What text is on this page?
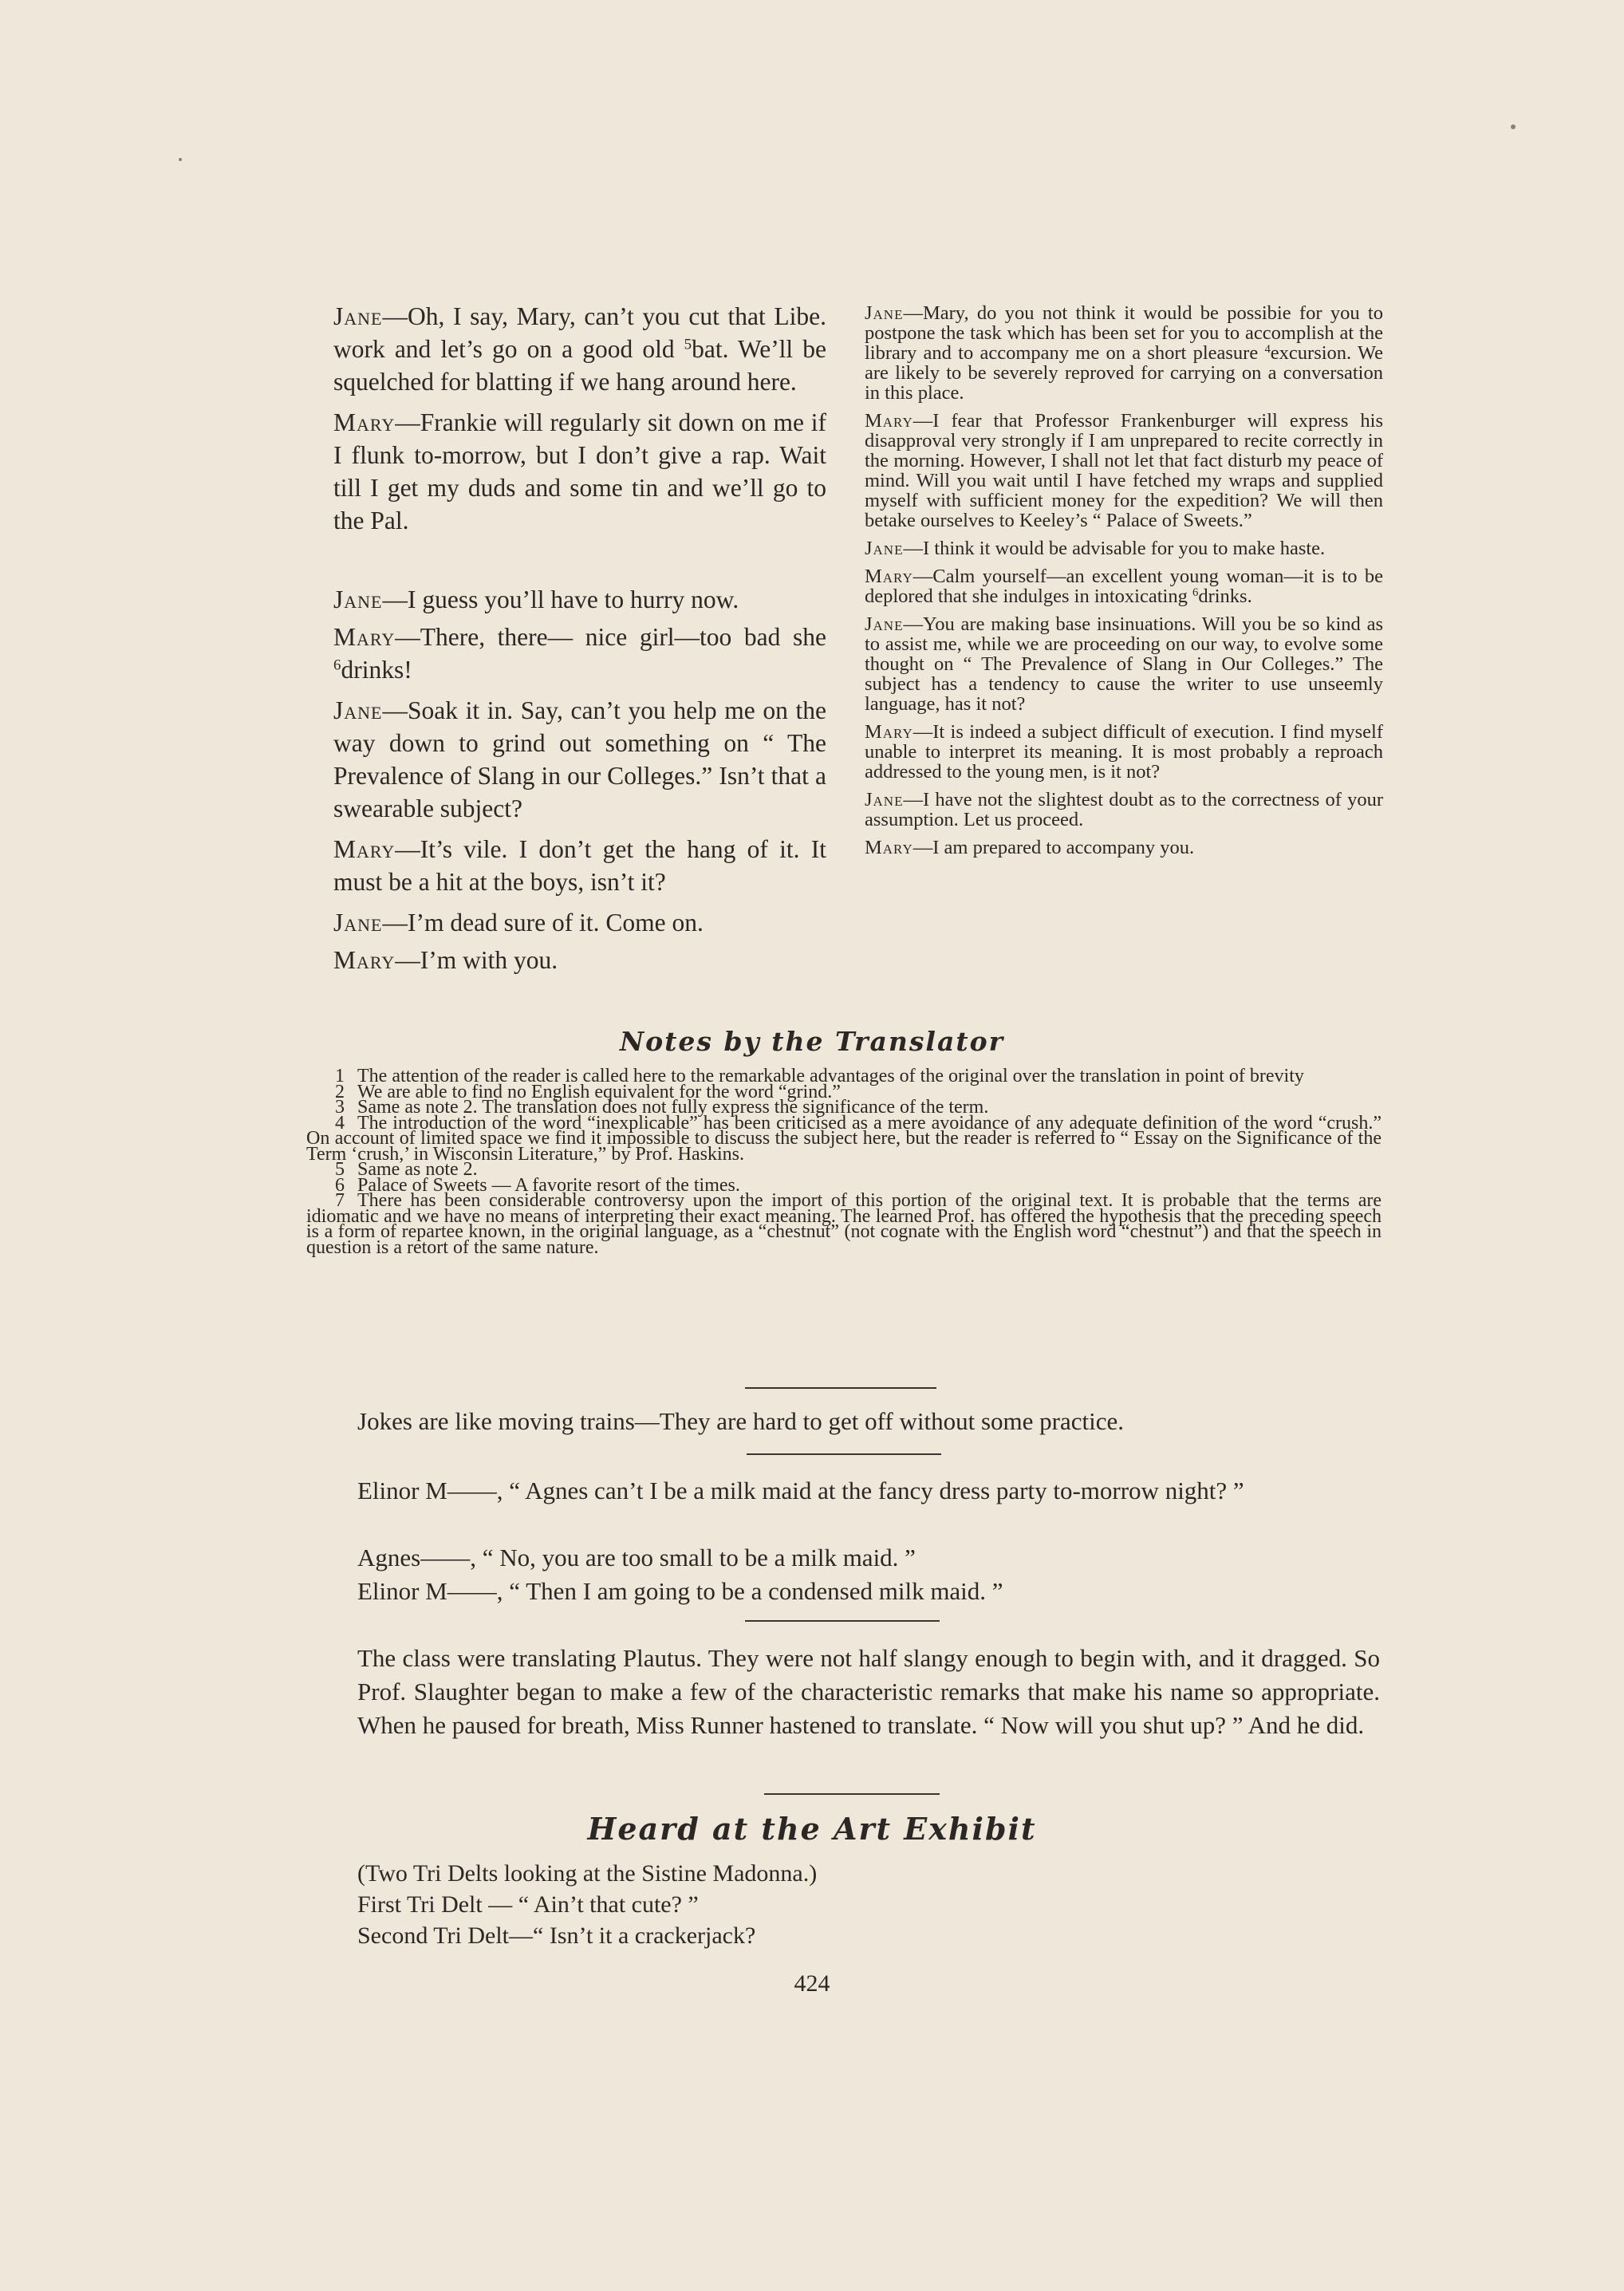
Jane—Oh, I say, Mary, can’t you cut that Libe. work and let’s go on a good old $^5$bat. We’ll be squelched for blatting if we hang around here.

Mary—Frankie will regularly sit down on me if I flunk to-morrow, but I don’t give a rap. Wait till I get my duds and some tin and we’ll go to the Pal.

Jane—I guess you’ll have to hurry now.

Mary—There, there— nice girl—too bad she $^6$drinks!

Jane—Soak it in. Say, can’t you help me on the way down to grind out something on “ The Prevalence of Slang in our Colleges.” Isn’t that a swearable subject?

Mary—It’s vile. I don’t get the hang of it. It must be a hit at the boys, isn’t it?

Jane—I’m dead sure of it. Come on.

Mary—I’m with you.

Jane—Mary, do you not think it would be possibie for you to postpone the task which has been set for you to accomplish at the library and to accompany me on a short pleasure $^4$excursion. We are likely to be severely reproved for carrying on a conversation in this place.

Mary—I fear that Professor Frankenburger will express his disapproval very strongly if I am unprepared to recite correctly in the morning. However, I shall not let that fact disturb my peace of mind. Will you wait until I have fetched my wraps and supplied myself with sufficient money for the expedition? We will then betake ourselves to Keeley’s “ Palace of Sweets.”

Jane—I think it would be advisable for you to make haste.

Mary—Calm yourself—an excellent young woman—it is to be deplored that she indulges in intoxicating $^6$drinks.

Jane—You are making base insinuations. Will you be so kind as to assist me, while we are proceeding on our way, to evolve some thought on “ The Prevalence of Slang in Our Colleges.” The subject has a tendency to cause the writer to use unseemly language, has it not?

Mary—It is indeed a subject difficult of execution. I find myself unable to interpret its meaning. It is most probably a reproach addressed to the young men, is it not?

Jane—I have not the slightest doubt as to the correctness of your assumption. Let us proceed.

Mary—I am prepared to accompany you.

Notes by the Translator

1 The attention of the reader is called here to the remarkable advantages of the original over the translation in point of brevity

2 We are able to find no English equivalent for the word “grind.”

3 Same as note 2. The translation does not fully express the significance of the term.

4 The introduction of the word “inexplicable” has been criticised as a mere avoidance of any adequate definition of the word “crush.” On account of limited space we find it impossible to discuss the subject here, but the reader is referred to “ Essay on the Significance of the Term ‘crush,’ in Wisconsin Literature,” by Prof. Haskins.

5 Same as note 2.

6 Palace of Sweets — A favorite resort of the times.

7 There has been considerable controversy upon the import of this portion of the original text. It is probable that the terms are idiomatic and we have no means of interpreting their exact meaning. The learned Prof. has offered the hypothesis that the preceding speech is a form of repartee known, in the original language, as a “chestnut” (not cognate with the English word “chestnut”) and that the speech in question is a retort of the same nature.

Jokes are like moving trains—They are hard to get off without some practice.

Elinor M——, “ Agnes can’t I be a milk maid at the fancy dress party to-morrow night? ”

Agnes——, “ No, you are too small to be a milk maid. ”

Elinor M——, “ Then I am going to be a condensed milk maid. ”

The class were translating Plautus. They were not half slangy enough to begin with, and it dragged. So Prof. Slaughter began to make a few of the characteristic remarks that make his name so appropriate. When he paused for breath, Miss Runner hastened to translate. “ Now will you shut up? ” And he did.

Heard at the Art Exhibit

(Two Tri Delts looking at the Sistine Madonna.)

First Tri Delt — “ Ain’t that cute? ”

Second Tri Delt—“ Isn’t it a crackerjack?

424
